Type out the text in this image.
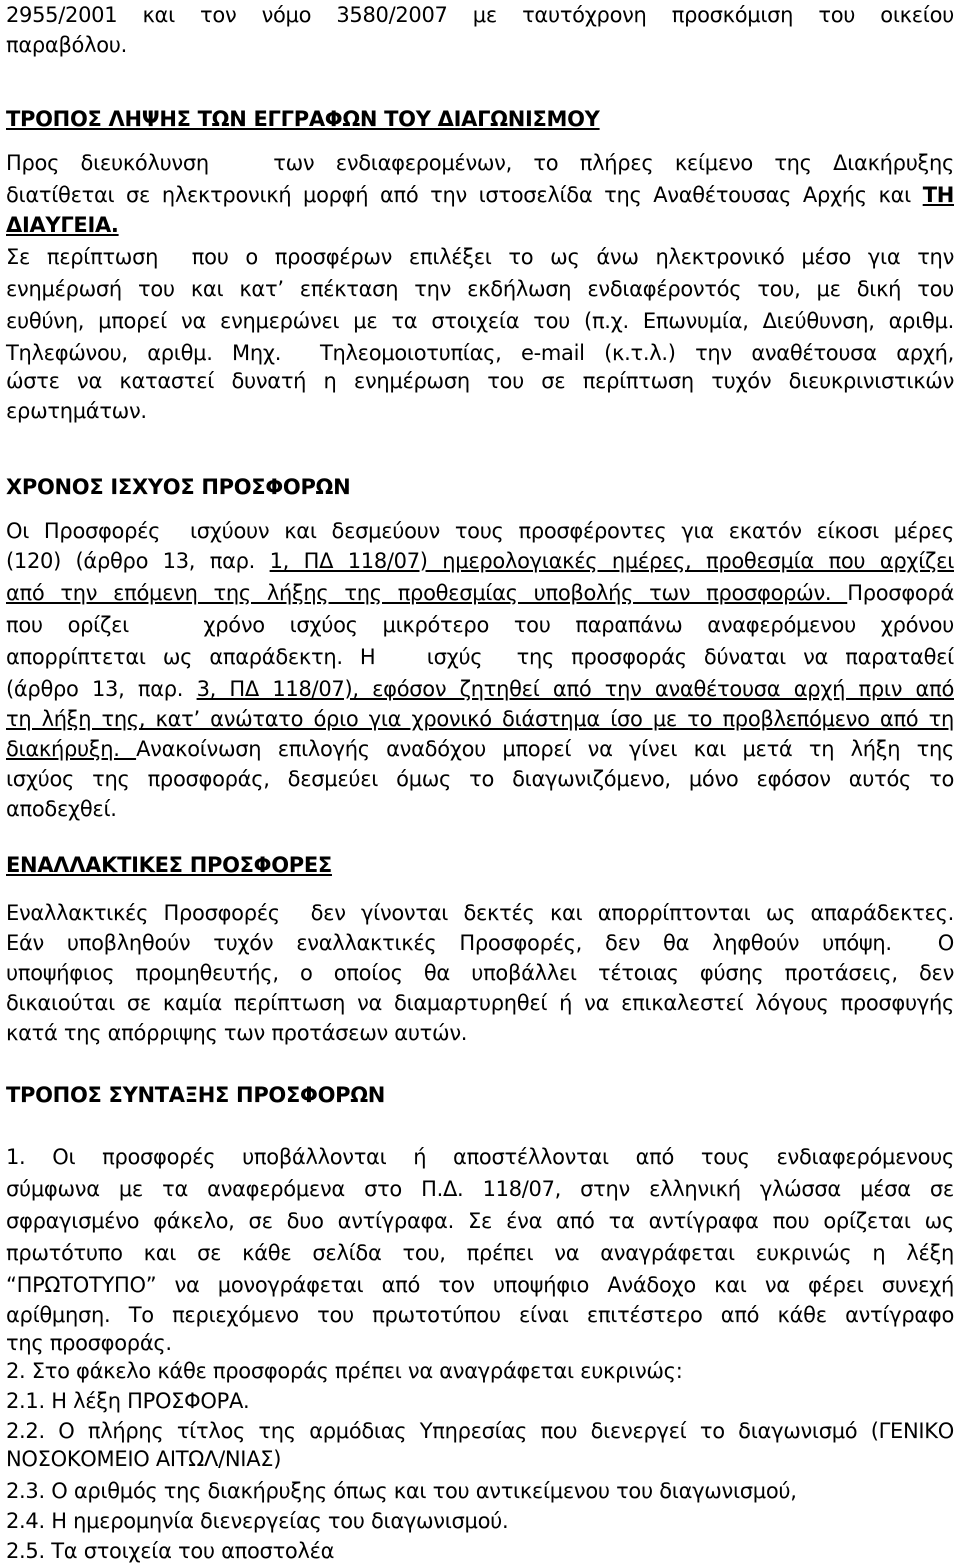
2955/2001 και τον νόμο 3580/2007 με ταυτόχρονη προσκόμιση του οικείου
παραβόλου.
ΤΡΟΠΟΣ ΛΗΨΗΣ ΤΩΝ ΕΓΓΡΑΦΩΝ ΤΟΥ ΔΙΑΓΩΝΙΣΜΟΥ
Προς διευκόλυνση   των ενδιαφερομένων, το πλήρες κείμενο της Διακήρυξης
διατίθεται σε ηλεκτρονική μορφή από την ιστοσελίδα της Αναθέτουσας Αρχής και ΤΗ
ΔΙΑΥΓΕΙΑ.
Σε περίπτωση  που ο προσφέρων επιλέξει το ως άνω ηλεκτρονικό μέσο για την
ενημέρωσή του και κατ’ επέκταση την εκδήλωση ενδιαφέροντός του, με δική του
ευθύνη, μπορεί να ενημερώνει με τα στοιχεία του (π.χ. Επωνυμία, Διεύθυνση, αριθμ.
Τηλεφώνου, αριθμ. Μηχ.  Τηλεομοιοτυπίας, e-mail (κ.τ.λ.) την αναθέτουσα αρχή,
ώστε να καταστεί δυνατή η ενημέρωση του σε περίπτωση τυχόν διευκρινιστικών
ερωτημάτων.
ΧΡΟΝΟΣ ΙΣΧΥΟΣ ΠΡΟΣΦΟΡΩΝ
Οι Προσφορές  ισχύουν και δεσμεύουν τους προσφέροντες για εκατόν είκοσι μέρες
(120) (άρθρο 13, παρ. 1, ΠΔ 118/07) ημερολογιακές ημέρες, προθεσμία που αρχίζει
από την επόμενη της λήξης της προθεσμίας υποβολής των προσφορών. Προσφορά
που ορίζει   χρόνο ισχύος μικρότερο του παραπάνω αναφερόμενου χρόνου
απορρίπτεται ως απαράδεκτη. Η   ισχύς  της προσφοράς δύναται να παραταθεί
(άρθρο 13, παρ. 3, ΠΔ 118/07), εφόσον ζητηθεί από την αναθέτουσα αρχή πριν από
τη λήξη της, κατ’ ανώτατο όριο για χρονικό διάστημα ίσο με το προβλεπόμενο από τη
διακήρυξη. Ανακοίνωση επιλογής αναδόχου μπορεί να γίνει και μετά τη λήξη της
ισχύος της προσφοράς, δεσμεύει όμως το διαγωνιζόμενο, μόνο εφόσον αυτός το
αποδεχθεί.
ΕΝΑΛΛΑΚΤΙΚΕΣ ΠΡΟΣΦΟΡΕΣ
Εναλλακτικές Προσφορές  δεν γίνονται δεκτές και απορρίπτονται ως απαράδεκτες.
Εάν υποβληθούν τυχόν εναλλακτικές Προσφορές, δεν θα ληφθούν υπόψη.  Ο
υποψήφιος προμηθευτής, ο οποίος θα υποβάλλει τέτοιας φύσης προτάσεις, δεν
δικαιούται σε καμία περίπτωση να διαμαρτυρηθεί ή να επικαλεστεί λόγους προσφυγής
κατά της απόρριψης των προτάσεων αυτών.
ΤΡΟΠΟΣ ΣΥΝΤΑΞΗΣ ΠΡΟΣΦΟΡΩΝ
1. Οι προσφορές υποβάλλονται ή αποστέλλονται από τους ενδιαφερόμενους
σύμφωνα με τα αναφερόμενα στο Π.Δ. 118/07, στην ελληνική γλώσσα μέσα σε
σφραγισμένο φάκελο, σε δυο αντίγραφα. Σε ένα από τα αντίγραφα που ορίζεται ως
πρωτότυπο και σε κάθε σελίδα του, πρέπει να αναγράφεται ευκρινώς η λέξη
“ΠΡΩΤΟΤΥΠΟ” να μονογράφεται από τον υποψήφιο Ανάδοχο και να φέρει συνεχή
αρίθμηση. Το περιεχόμενο του πρωτοτύπου είναι επιτέστερο από κάθε αντίγραφο
της προσφοράς.
2. Στο φάκελο κάθε προσφοράς πρέπει να αναγράφεται ευκρινώς:
2.1. Η λέξη ΠΡΟΣΦΟΡΑ.
2.2. Ο πλήρης τίτλος της αρμόδιας Υπηρεσίας που διενεργεί το διαγωνισμό (ΓΕΝΙΚΟ
ΝΟΣΟΚΟΜΕΙΟ ΑΙΤΩΛ/ΝΙΑΣ)
2.3. Ο αριθμός της διακήρυξης όπως και του αντικείμενου του διαγωνισμού,
2.4. Η ημερομηνία διενεργείας του διαγωνισμού.
2.5. Τα στοιχεία του αποστολέα
